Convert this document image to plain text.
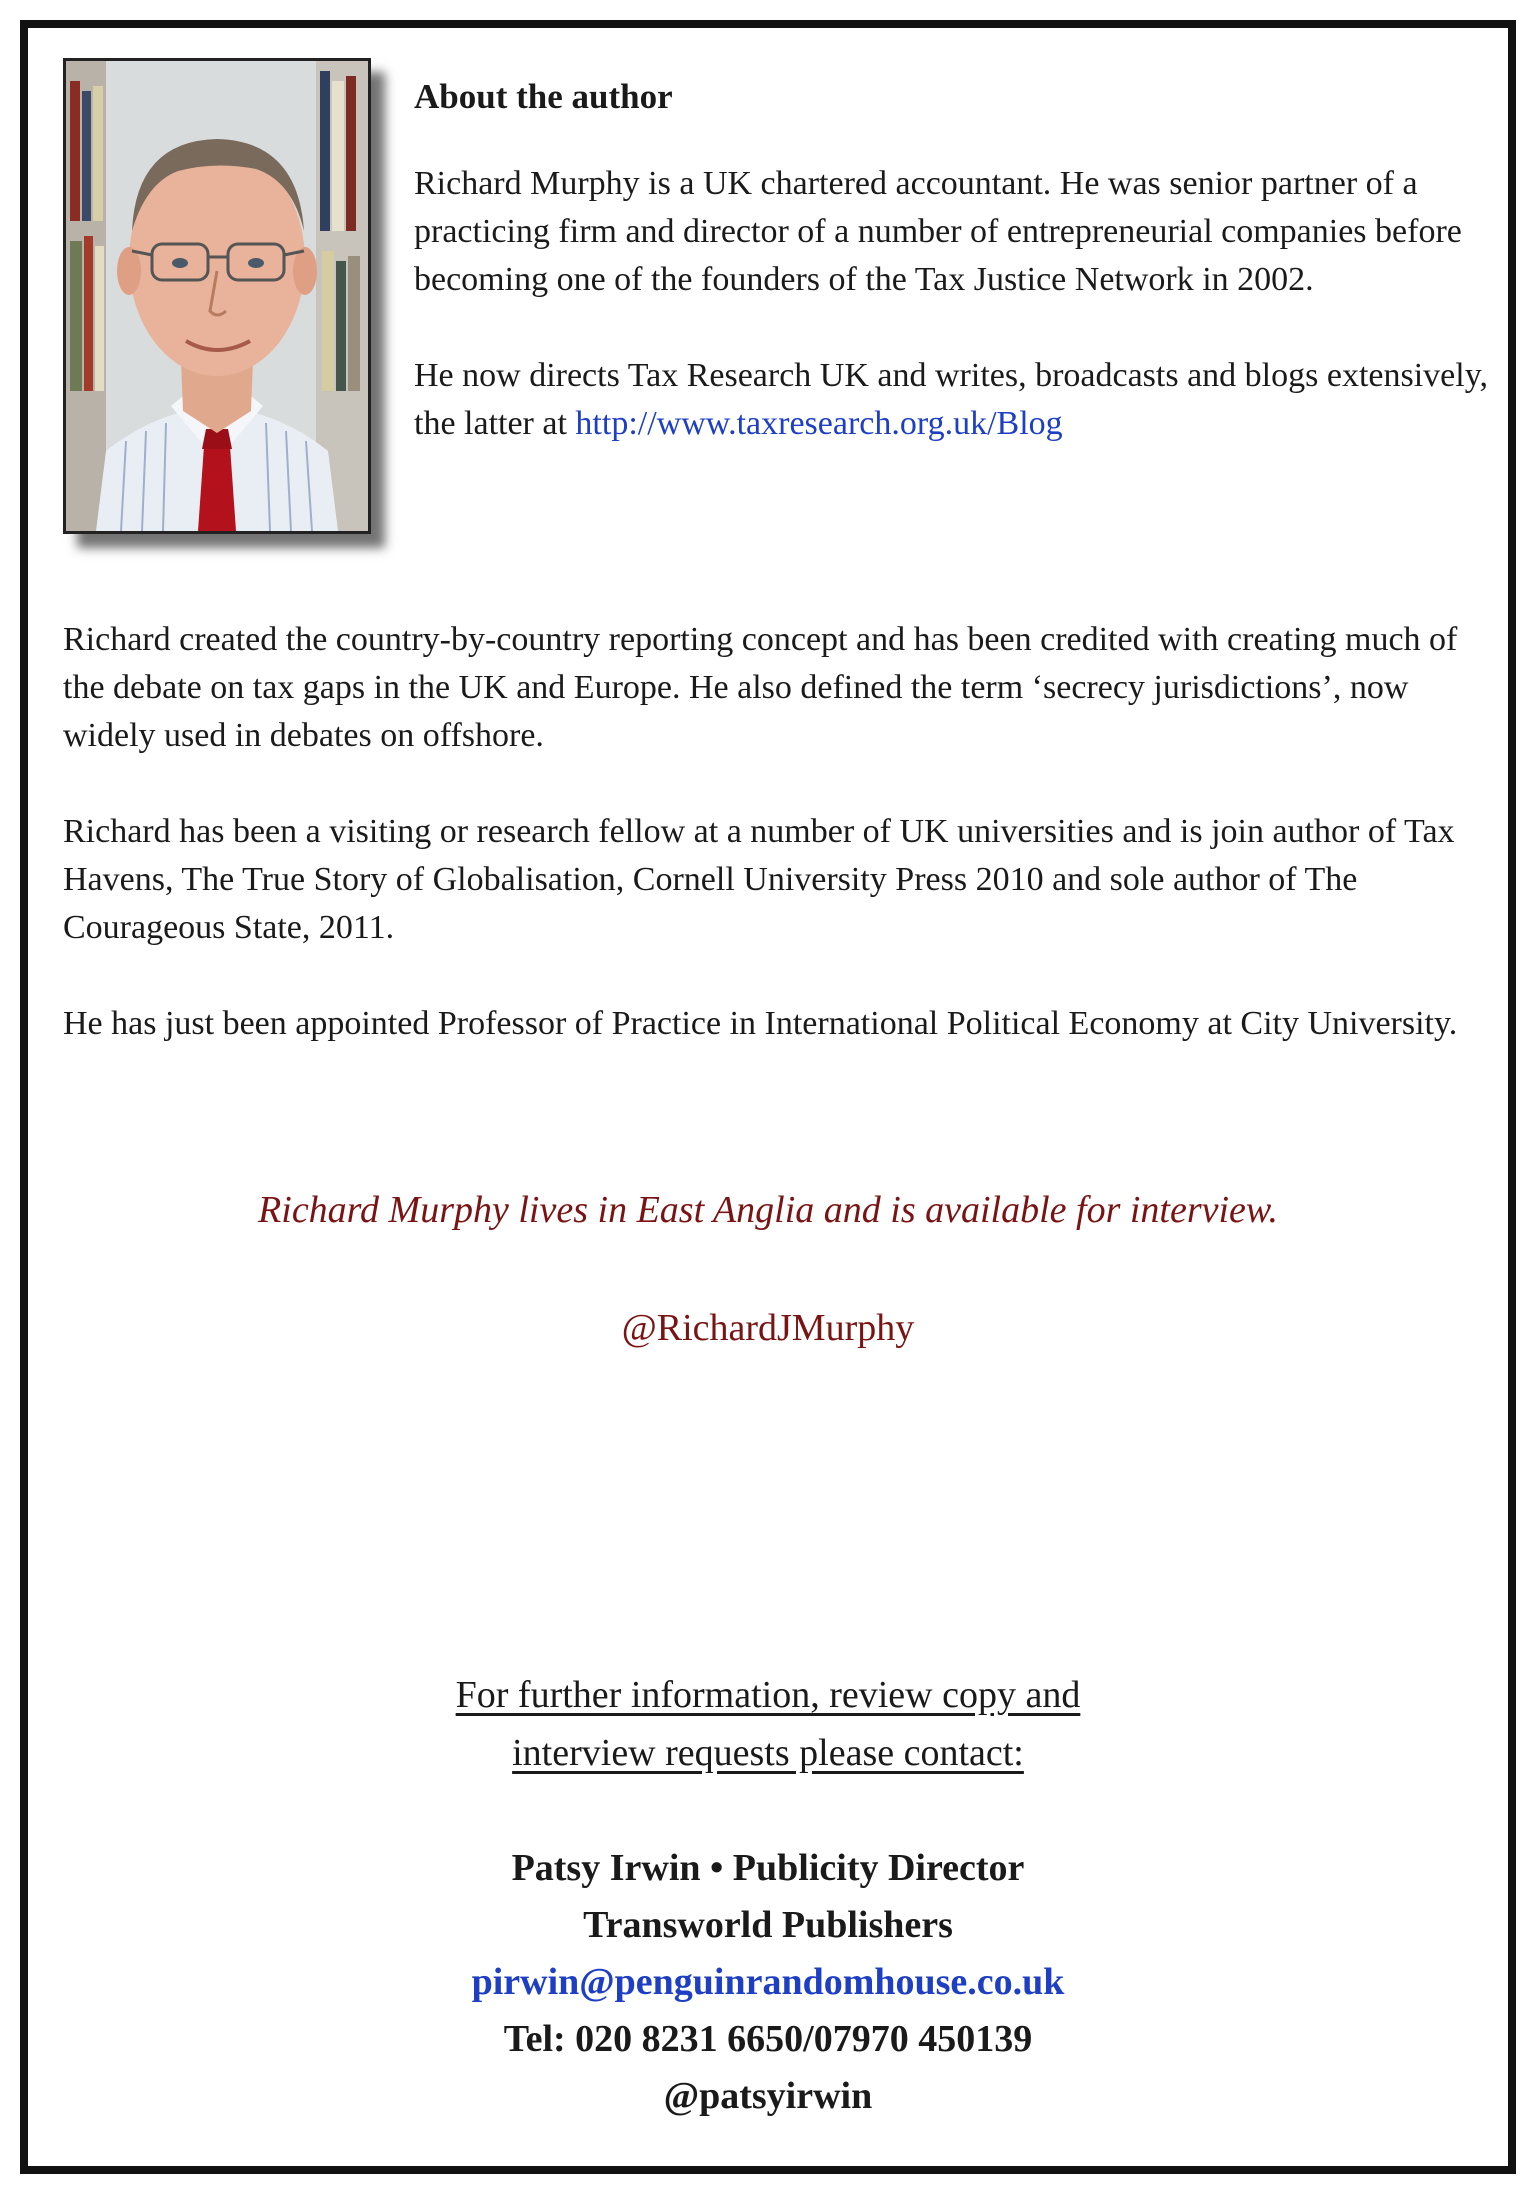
About the author

Richard Murphy is a UK chartered accountant. He was senior partner of a practicing firm and director of a number of entrepreneurial companies before becoming one of the founders of the Tax Justice Network in 2002.

He now directs Tax Research UK and writes, broadcasts and blogs extensively, the latter at http://www.taxresearch.org.uk/Blog

Richard created the country-by-country reporting concept and has been credited with creating much of the debate on tax gaps in the UK and Europe. He also defined the term ‘secrecy jurisdictions’, now widely used in debates on offshore.

Richard has been a visiting or research fellow at a number of UK universities and is join author of Tax Havens, The True Story of Globalisation, Cornell University Press 2010 and sole author of The Courageous State, 2011.

He has just been appointed Professor of Practice in International Political Economy at City University.

Richard Murphy lives in East Anglia and is available for interview.
@RichardJMurphy
For further information, review copy and
interview requests please contact:
Patsy Irwin • Publicity Director
Transworld Publishers
pirwin@penguinrandomhouse.co.uk
Tel: 020 8231 6650/07970 450139
@patsyirwin
